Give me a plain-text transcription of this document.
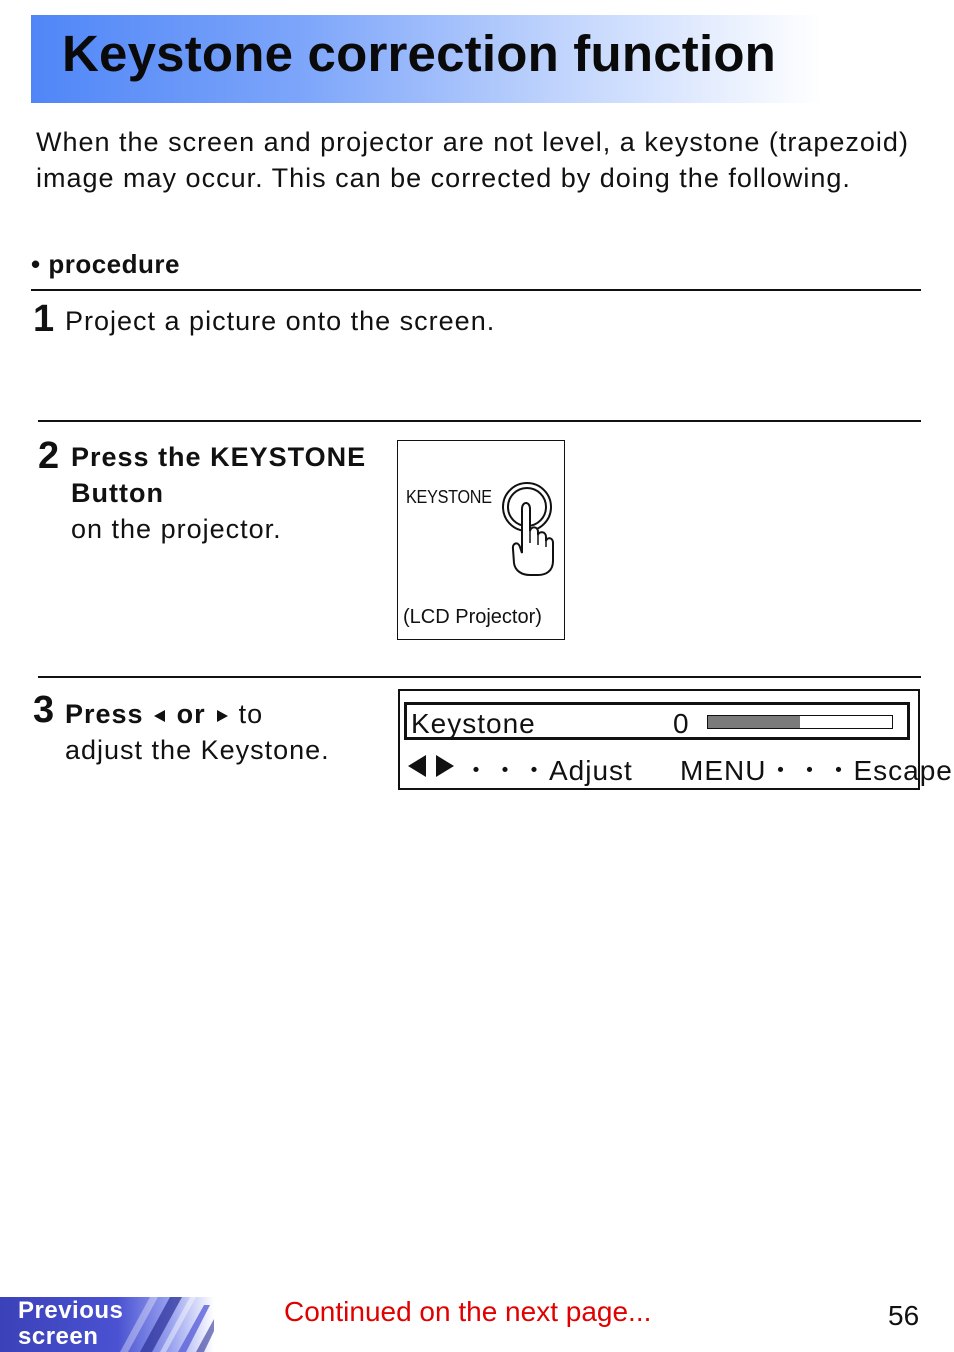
Keystone correction function

When the screen and projector are not level, a keystone (trapezoid) image may occur. This can be corrected by doing the following.

• procedure

1 Project a picture onto the screen.

2 Press the KEYSTONE Button

on the projector.

KEYSTONE
(LCD Projector)
3 Press or to

adjust the Keystone.

Keystone	0
・・・Adjust MENU・・・Escape
Previous
screen
Continued on the next page...	56
